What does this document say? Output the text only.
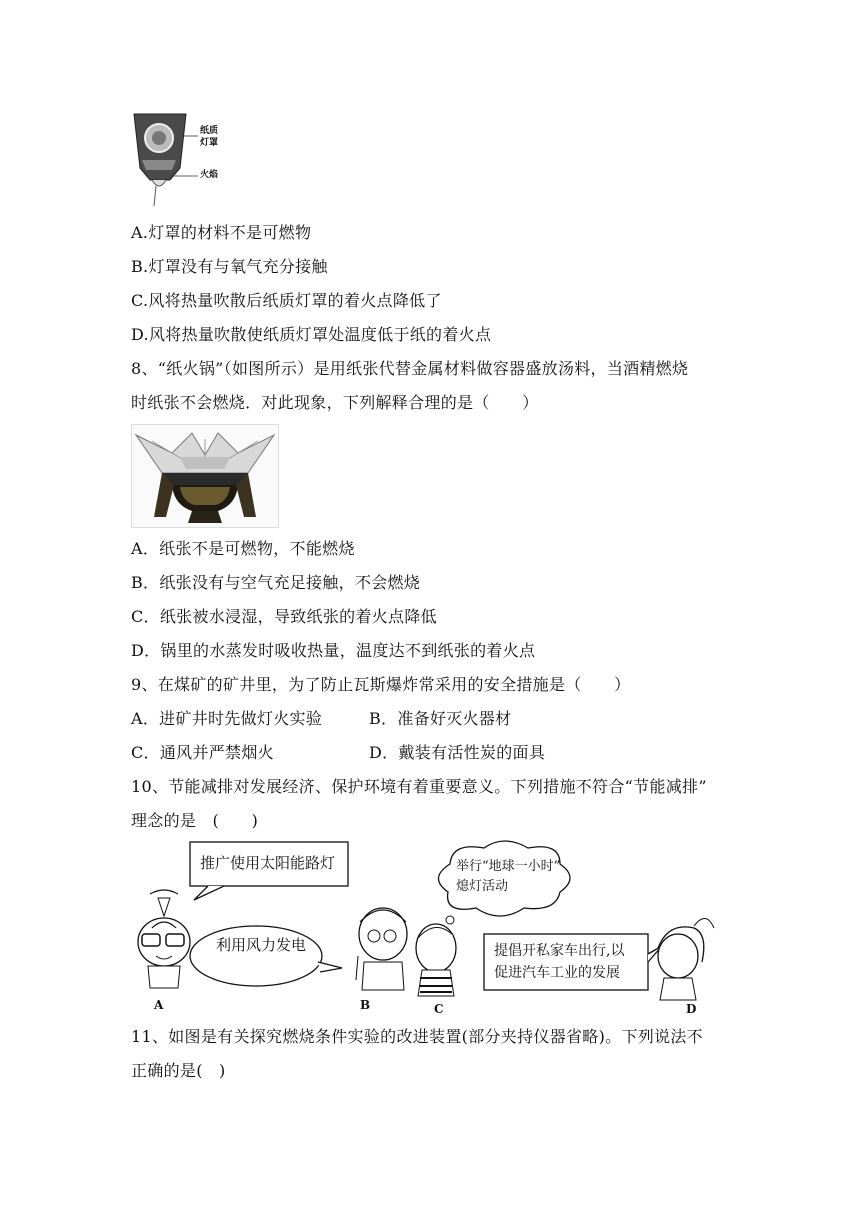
纸质
灯罩
火焰
A.灯罩的材料不是可燃物
B.灯罩没有与氧气充分接触
C.风将热量吹散后纸质灯罩的着火点降低了
D.风将热量吹散使纸质灯罩处温度低于纸的着火点
8、“纸火锅”（如图所示）是用纸张代替金属材料做容器盛放汤料，当酒精燃烧
时纸张不会燃烧．对此现象，下列解释合理的是（　　）
A．纸张不是可燃物，不能燃烧
B．纸张没有与空气充足接触，不会燃烧
C．纸张被水浸湿，导致纸张的着火点降低
D．锅里的水蒸发时吸收热量，温度达不到纸张的着火点
9、在煤矿的矿井里，为了防止瓦斯爆炸常采用的安全措施是（　　）
A．进矿井时先做灯火实验	B．准备好灭火器材
C．通风并严禁烟火	D．戴装有活性炭的面具
10、节能减排对发展经济、保护环境有着重要意义。下列措施不符合“节能减排”
理念的是　(　　)
推广使用太阳能路灯
利用风力发电
举行“地球一小时”
熄灯活动
提倡开私家车出行,以
促进汽车工业的发展
A	B	C	D
11、如图是有关探究燃烧条件实验的改进装置(部分夹持仪器省略)。下列说法不
正确的是(　)
